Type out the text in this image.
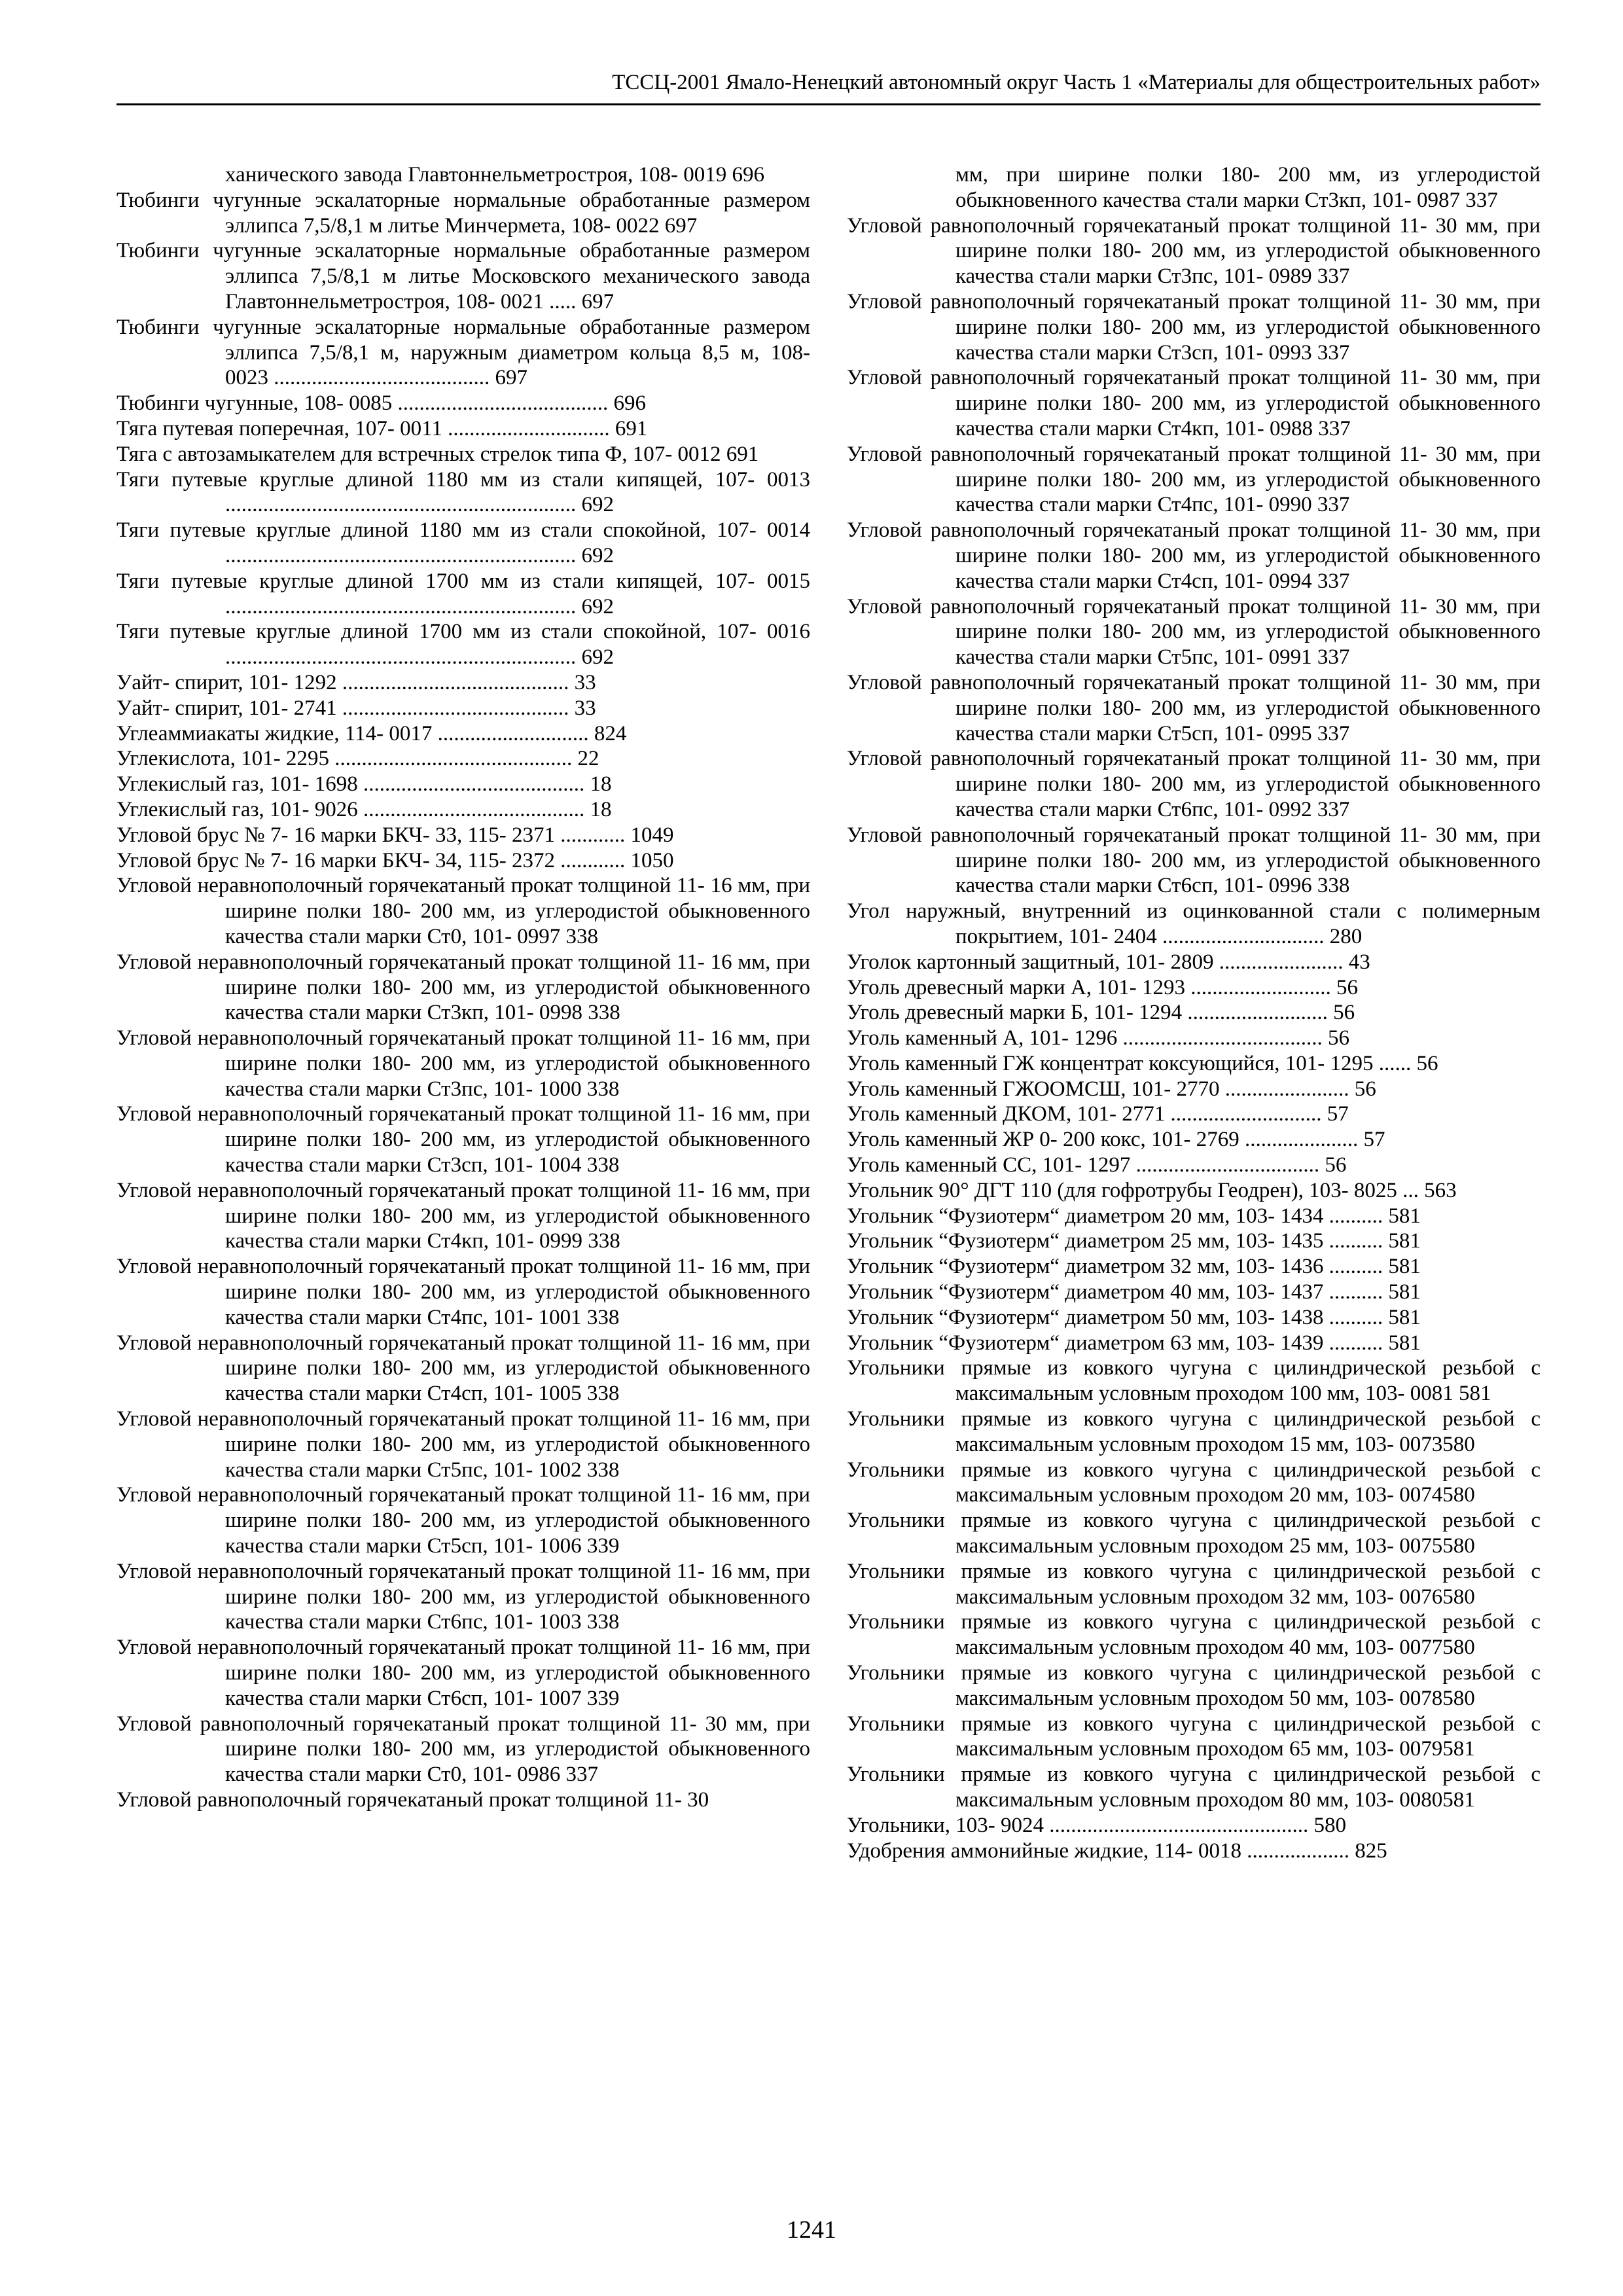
ТССЦ-2001 Ямало-Ненецкий автономный округ Часть 1 «Материалы для общестроительных работ»

ханического завода Главтоннельметростроя, 108- 0019 696

Тюбинги чугунные эскалаторные нормальные обработанные размером эллипса 7,5/8,1 м литье Минчермета, 108- 0022 697

Тюбинги чугунные эскалаторные нормальные обработанные размером эллипса 7,5/8,1 м литье Московского механического завода Главтоннельметростроя, 108- 0021 ..... 697

Тюбинги чугунные эскалаторные нормальные обработанные размером эллипса 7,5/8,1 м, наружным диаметром кольца 8,5 м, 108- 0023 ........................................ 697

Тюбинги чугунные, 108- 0085 ....................................... 696

Тяга путевая поперечная, 107- 0011 .............................. 691

Тяга с автозамыкателем для встречных стрелок типа Ф, 107- 0012 691

Тяги путевые круглые длиной 1180 мм из стали кипящей, 107- 0013 ................................................................. 692

Тяги путевые круглые длиной 1180 мм из стали спокойной, 107- 0014 ................................................................. 692

Тяги путевые круглые длиной 1700 мм из стали кипящей, 107- 0015 ................................................................. 692

Тяги путевые круглые длиной 1700 мм из стали спокойной, 107- 0016 ................................................................. 692

Уайт- спирит, 101- 1292 .......................................... 33

Уайт- спирит, 101- 2741 .......................................... 33

Углеаммиакаты жидкие, 114- 0017 ............................ 824

Углекислота, 101- 2295 ............................................ 22

Углекислый газ, 101- 1698 ......................................... 18

Углекислый газ, 101- 9026 ......................................... 18

Угловой брус № 7- 16 марки БКЧ- 33, 115- 2371 ............ 1049

Угловой брус № 7- 16 марки БКЧ- 34, 115- 2372 ............ 1050

Угловой неравнополочный горячекатаный прокат толщиной 11- 16 мм, при ширине полки 180- 200 мм, из углеродистой обыкновенного качества стали марки Ст0, 101- 0997 338

Угловой неравнополочный горячекатаный прокат толщиной 11- 16 мм, при ширине полки 180- 200 мм, из углеродистой обыкновенного качества стали марки Ст3кп, 101- 0998 338

Угловой неравнополочный горячекатаный прокат толщиной 11- 16 мм, при ширине полки 180- 200 мм, из углеродистой обыкновенного качества стали марки Ст3пс, 101- 1000 338

Угловой неравнополочный горячекатаный прокат толщиной 11- 16 мм, при ширине полки 180- 200 мм, из углеродистой обыкновенного качества стали марки Ст3сп, 101- 1004 338

Угловой неравнополочный горячекатаный прокат толщиной 11- 16 мм, при ширине полки 180- 200 мм, из углеродистой обыкновенного качества стали марки Ст4кп, 101- 0999 338

Угловой неравнополочный горячекатаный прокат толщиной 11- 16 мм, при ширине полки 180- 200 мм, из углеродистой обыкновенного качества стали марки Ст4пс, 101- 1001 338

Угловой неравнополочный горячекатаный прокат толщиной 11- 16 мм, при ширине полки 180- 200 мм, из углеродистой обыкновенного качества стали марки Ст4сп, 101- 1005 338

Угловой неравнополочный горячекатаный прокат толщиной 11- 16 мм, при ширине полки 180- 200 мм, из углеродистой обыкновенного качества стали марки Ст5пс, 101- 1002 338

Угловой неравнополочный горячекатаный прокат толщиной 11- 16 мм, при ширине полки 180- 200 мм, из углеродистой обыкновенного качества стали марки Ст5сп, 101- 1006 339

Угловой неравнополочный горячекатаный прокат толщиной 11- 16 мм, при ширине полки 180- 200 мм, из углеродистой обыкновенного качества стали марки Ст6пс, 101- 1003 338

Угловой неравнополочный горячекатаный прокат толщиной 11- 16 мм, при ширине полки 180- 200 мм, из углеродистой обыкновенного качества стали марки Ст6сп, 101- 1007 339

Угловой равнополочный горячекатаный прокат толщиной 11- 30 мм, при ширине полки 180- 200 мм, из углеродистой обыкновенного качества стали марки Ст0, 101- 0986 337

Угловой равнополочный горячекатаный прокат толщиной 11- 30

мм, при ширине полки 180- 200 мм, из углеродистой обыкновенного качества стали марки Ст3кп, 101- 0987 337

Угловой равнополочный горячекатаный прокат толщиной 11- 30 мм, при ширине полки 180- 200 мм, из углеродистой обыкновенного качества стали марки Ст3пс, 101- 0989 337

Угловой равнополочный горячекатаный прокат толщиной 11- 30 мм, при ширине полки 180- 200 мм, из углеродистой обыкновенного качества стали марки Ст3сп, 101- 0993 337

Угловой равнополочный горячекатаный прокат толщиной 11- 30 мм, при ширине полки 180- 200 мм, из углеродистой обыкновенного качества стали марки Ст4кп, 101- 0988 337

Угловой равнополочный горячекатаный прокат толщиной 11- 30 мм, при ширине полки 180- 200 мм, из углеродистой обыкновенного качества стали марки Ст4пс, 101- 0990 337

Угловой равнополочный горячекатаный прокат толщиной 11- 30 мм, при ширине полки 180- 200 мм, из углеродистой обыкновенного качества стали марки Ст4сп, 101- 0994 337

Угловой равнополочный горячекатаный прокат толщиной 11- 30 мм, при ширине полки 180- 200 мм, из углеродистой обыкновенного качества стали марки Ст5пс, 101- 0991 337

Угловой равнополочный горячекатаный прокат толщиной 11- 30 мм, при ширине полки 180- 200 мм, из углеродистой обыкновенного качества стали марки Ст5сп, 101- 0995 337

Угловой равнополочный горячекатаный прокат толщиной 11- 30 мм, при ширине полки 180- 200 мм, из углеродистой обыкновенного качества стали марки Ст6пс, 101- 0992 337

Угловой равнополочный горячекатаный прокат толщиной 11- 30 мм, при ширине полки 180- 200 мм, из углеродистой обыкновенного качества стали марки Ст6сп, 101- 0996 338

Угол наружный, внутренний из оцинкованной стали с полимерным покрытием, 101- 2404 .............................. 280

Уголок картонный защитный, 101- 2809 ....................... 43

Уголь древесный марки А, 101- 1293 .......................... 56

Уголь древесный марки Б, 101- 1294 .......................... 56

Уголь каменный А, 101- 1296 ..................................... 56

Уголь каменный ГЖ концентрат коксующийся, 101- 1295 ...... 56

Уголь каменный ГЖООМСШ, 101- 2770 ....................... 56

Уголь каменный ДКОМ, 101- 2771 ............................ 57

Уголь каменный ЖР 0- 200 кокс, 101- 2769 ..................... 57

Уголь каменный СС, 101- 1297 .................................. 56

Угольник 90° ДГТ 110 (для гофротрубы Геодрен), 103- 8025 ... 563

Угольник “Фузиотерм“ диаметром 20 мм, 103- 1434 .......... 581

Угольник “Фузиотерм“ диаметром 25 мм, 103- 1435 .......... 581

Угольник “Фузиотерм“ диаметром 32 мм, 103- 1436 .......... 581

Угольник “Фузиотерм“ диаметром 40 мм, 103- 1437 .......... 581

Угольник “Фузиотерм“ диаметром 50 мм, 103- 1438 .......... 581

Угольник “Фузиотерм“ диаметром 63 мм, 103- 1439 .......... 581

Угольники прямые из ковкого чугуна с цилиндрической резьбой с максимальным условным проходом 100 мм, 103- 0081 581

Угольники прямые из ковкого чугуна с цилиндрической резьбой с максимальным условным проходом 15 мм, 103- 0073580

Угольники прямые из ковкого чугуна с цилиндрической резьбой с максимальным условным проходом 20 мм, 103- 0074580

Угольники прямые из ковкого чугуна с цилиндрической резьбой с максимальным условным проходом 25 мм, 103- 0075580

Угольники прямые из ковкого чугуна с цилиндрической резьбой с максимальным условным проходом 32 мм, 103- 0076580

Угольники прямые из ковкого чугуна с цилиндрической резьбой с максимальным условным проходом 40 мм, 103- 0077580

Угольники прямые из ковкого чугуна с цилиндрической резьбой с максимальным условным проходом 50 мм, 103- 0078580

Угольники прямые из ковкого чугуна с цилиндрической резьбой с максимальным условным проходом 65 мм, 103- 0079581

Угольники прямые из ковкого чугуна с цилиндрической резьбой с максимальным условным проходом 80 мм, 103- 0080581

Угольники, 103- 9024 ................................................ 580

Удобрения аммонийные жидкие, 114- 0018 ................... 825

1241
